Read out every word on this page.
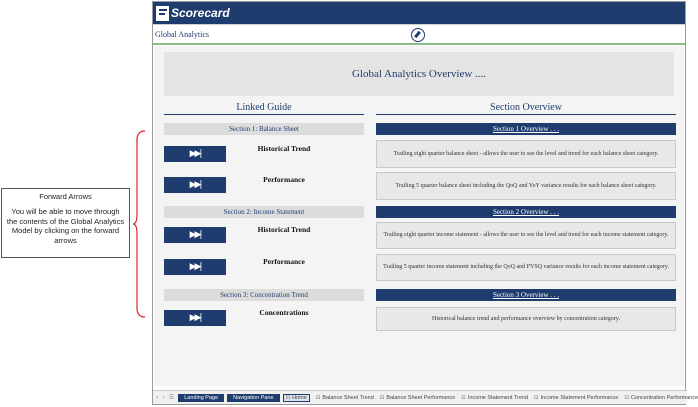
Forward Arrows
You will be able to move through the contents of the Global Analytics Model by clicking on the forward arrows
Scorecard
Global Analytics
Global Analytics Overview ....
Linked Guide	Section Overview
Section 1: Balance Sheet	Section 1 Overview . . .
▶▶|
Historical Trend
Trailing eight quarter balance sheet - allows the user to see the level and trend for each balance sheet category.
▶▶|
Performance
Trailing 5 quarter balance sheet including the QoQ and YoY variance results for each balance sheet category.
Section 2: Income Statement	Section 2 Overview . . .
▶▶|
Historical Trend
Trailing eight quarter income statement - allows the user to see the level and trend for each income statement category.
▶▶|
Performance
Trailing 5 quarter income statement including the QoQ and PYSQ variance results for each income statement category.
Section 3: Concentration Trend	Section 3 Overview . . .
▶▶|
Concentrations
Historical balance trend and performance overview by concentration category.
‹ › ☰	Landing Page	Navigation Pane	⊡ Home ⊡ Balance Sheet Trend ⊡ Balance Sheet Performance ⊡ Income Statement Trend ⊡ Income Statement Performance ⊡ Concentration Performance
